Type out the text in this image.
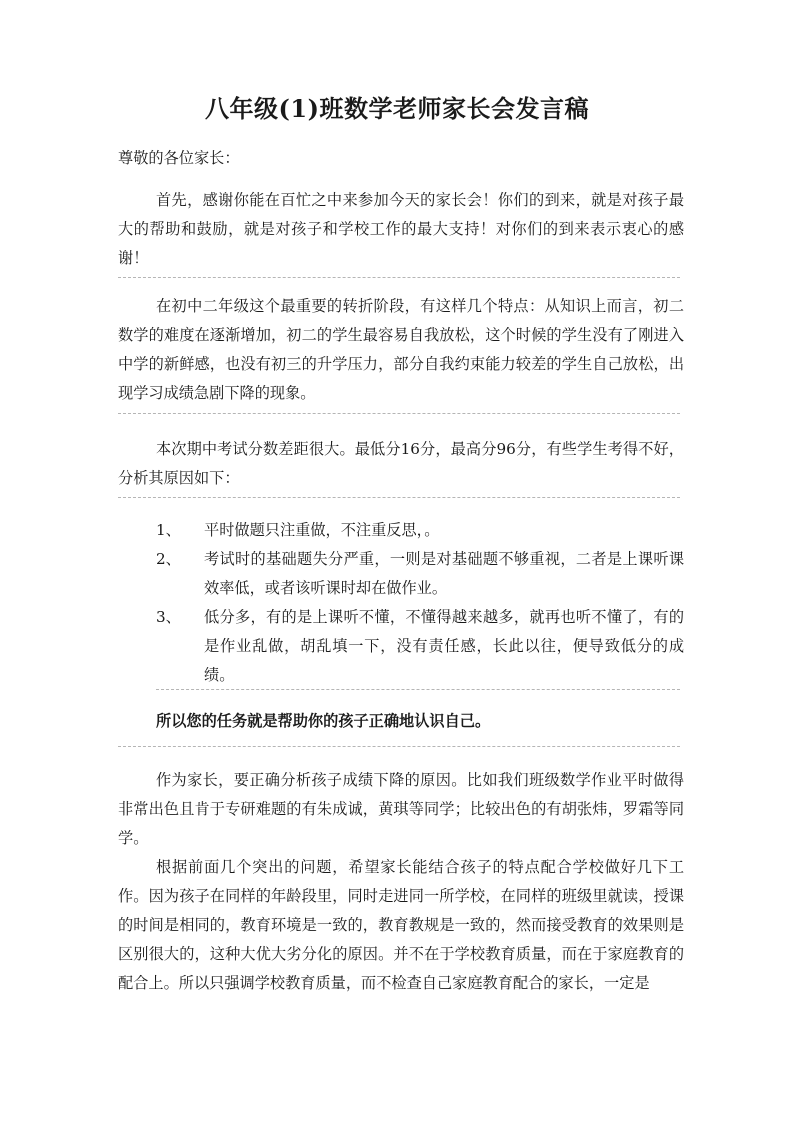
八年级(1)班数学老师家长会发言稿
尊敬的各位家长：
首先，感谢你能在百忙之中来参加今天的家长会！你们的到来，就是对孩子最大的帮助和鼓励，就是对孩子和学校工作的最大支持！对你们的到来表示衷心的感谢！
在初中二年级这个最重要的转折阶段，有这样几个特点：从知识上而言，初二数学的难度在逐渐增加，初二的学生最容易自我放松，这个时候的学生没有了刚进入中学的新鲜感，也没有初三的升学压力，部分自我约束能力较差的学生自己放松，出现学习成绩急剧下降的现象。
本次期中考试分数差距很大。最低分16分，最高分96分，有些学生考得不好，分析其原因如下：
1、	平时做题只注重做，不注重反思，。
2、	考试时的基础题失分严重，一则是对基础题不够重视，二者是上课听课效率低，或者该听课时却在做作业。
3、	低分多，有的是上课听不懂，不懂得越来越多，就再也听不懂了，有的是作业乱做，胡乱填一下，没有责任感，长此以往，便导致低分的成绩。
所以您的任务就是帮助你的孩子正确地认识自己。
作为家长，要正确分析孩子成绩下降的原因。比如我们班级数学作业平时做得非常出色且肯于专研难题的有朱成诚，黄琪等同学；比较出色的有胡张炜，罗霜等同学。
根据前面几个突出的问题，希望家长能结合孩子的特点配合学校做好几下工作。因为孩子在同样的年龄段里，同时走进同一所学校，在同样的班级里就读，授课的时间是相同的，教育环境是一致的，教育教规是一致的，然而接受教育的效果则是区别很大的，这种大优大劣分化的原因。并不在于学校教育质量，而在于家庭教育的配合上。所以只强调学校教育质量，而不检查自己家庭教育配合的家长，一定是
